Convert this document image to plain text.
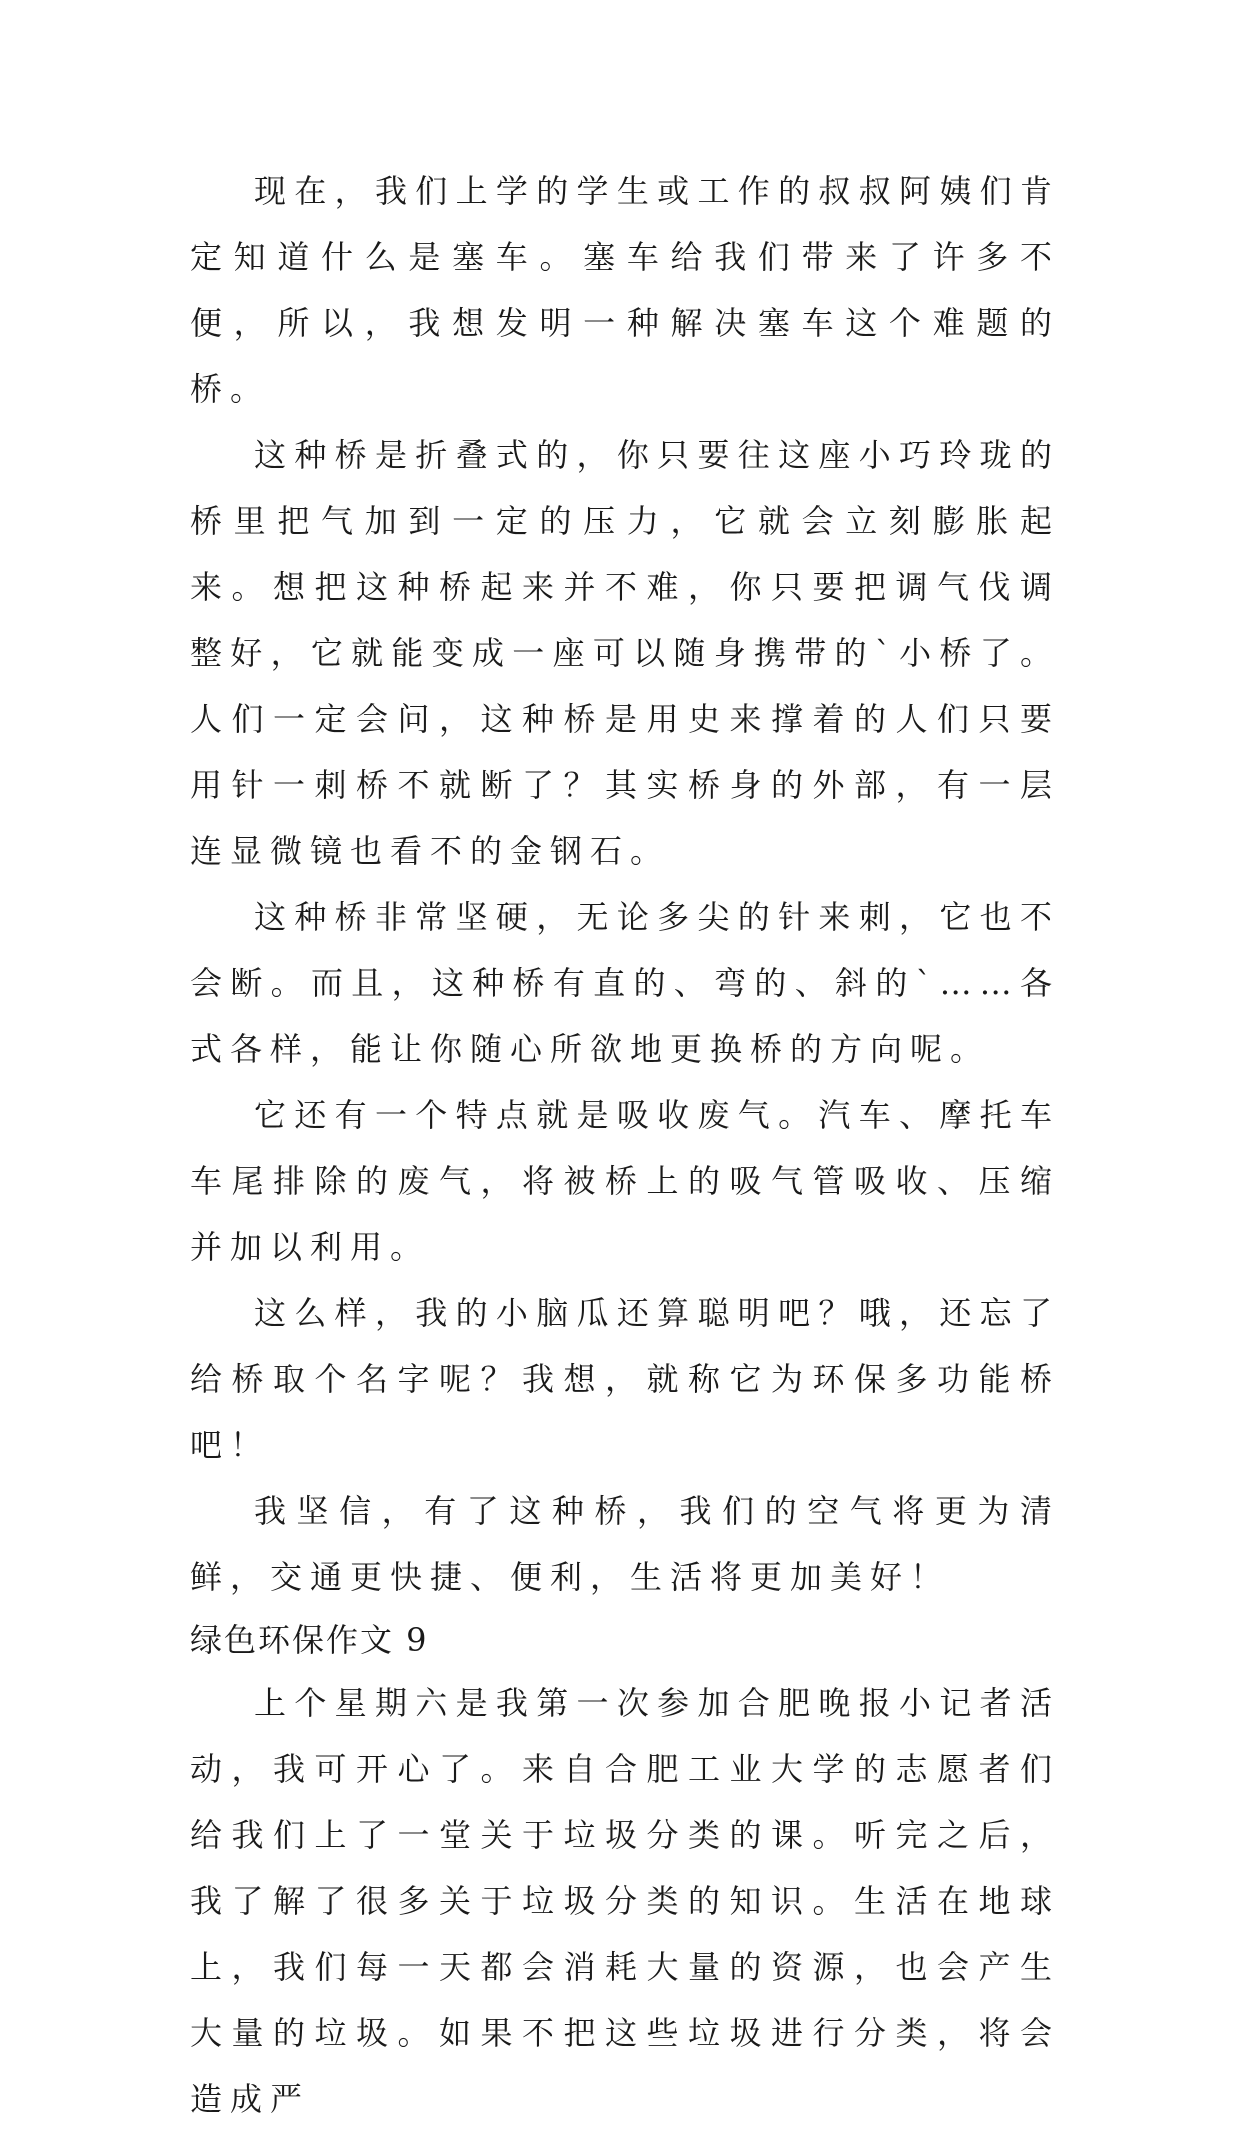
现在，我们上学的学生或工作的叔叔阿姨们肯定知道什么是塞车。塞车给我们带来了许多不便，所以，我想发明一种解决塞车这个难题的桥。

这种桥是折叠式的，你只要往这座小巧玲珑的桥里把气加到一定的压力，它就会立刻膨胀起来。想把这种桥起来并不难，你只要把调气伐调整好，它就能变成一座可以随身携带的`小桥了。人们一定会问，这种桥是用史来撑着的人们只要用针一刺桥不就断了？其实桥身的外部，有一层连显微镜也看不的金钢石。

这种桥非常坚硬，无论多尖的针来刺，它也不会断。而且，这种桥有直的、弯的、斜的`……各式各样，能让你随心所欲地更换桥的方向呢。

它还有一个特点就是吸收废气。汽车、摩托车车尾排除的废气，将被桥上的吸气管吸收、压缩并加以利用。

这么样，我的小脑瓜还算聪明吧？哦，还忘了给桥取个名字呢？我想，就称它为环保多功能桥吧！

我坚信，有了这种桥，我们的空气将更为清鲜，交通更快捷、便利，生活将更加美好！

绿色环保作文 9

上个星期六是我第一次参加合肥晚报小记者活动，我可开心了。来自合肥工业大学的志愿者们给我们上了一堂关于垃圾分类的课。听完之后，我了解了很多关于垃圾分类的知识。生活在地球上，我们每一天都会消耗大量的资源，也会产生大量的垃圾。如果不把这些垃圾进行分类，将会造成严
